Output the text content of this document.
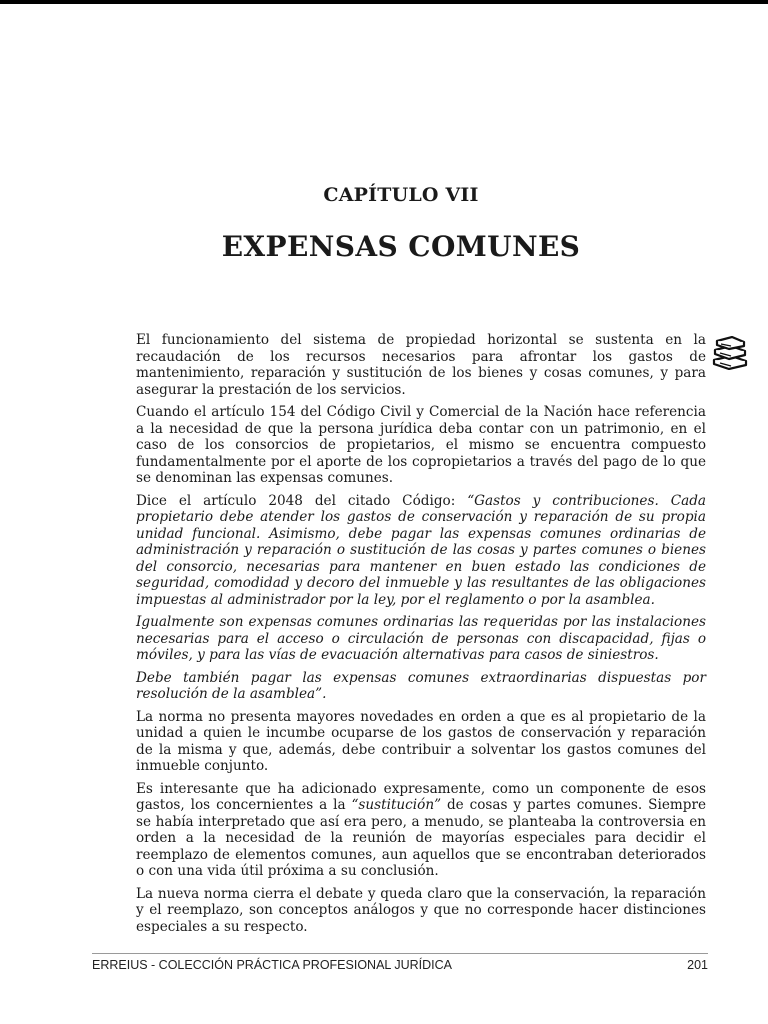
CAPÍTULO VII
EXPENSAS COMUNES

El funcionamiento del sistema de propiedad horizontal se sustenta en la recaudación de los recursos necesarios para afrontar los gastos de mantenimiento, reparación y sustitución de los bienes y cosas comunes, y para asegurar la prestación de los servicios.

Cuando el artículo 154 del Código Civil y Comercial de la Nación hace referencia a la necesidad de que la persona jurídica deba contar con un patrimonio, en el caso de los consorcios de propietarios, el mismo se encuentra compuesto fundamentalmente por el aporte de los copropietarios a través del pago de lo que se denominan las expensas comunes.

Dice el artículo 2048 del citado Código: “Gastos y contribuciones. Cada propietario debe atender los gastos de conservación y reparación de su propia unidad funcional. Asimismo, debe pagar las expensas comunes ordinarias de administración y reparación o sustitución de las cosas y partes comunes o bienes del consorcio, necesarias para mantener en buen estado las condiciones de seguridad, comodidad y decoro del inmueble y las resultantes de las obligaciones impuestas al administrador por la ley, por el reglamento o por la asamblea.

Igualmente son expensas comunes ordinarias las requeridas por las instalaciones necesarias para el acceso o circulación de personas con discapacidad, fijas o móviles, y para las vías de evacuación alternativas para casos de siniestros.

Debe también pagar las expensas comunes extraordinarias dispuestas por resolución de la asamblea”.

La norma no presenta mayores novedades en orden a que es al propietario de la unidad a quien le incumbe ocuparse de los gastos de conservación y reparación de la misma y que, además, debe contribuir a solventar los gastos comunes del inmueble conjunto.

Es interesante que ha adicionado expresamente, como un componente de esos gastos, los concernientes a la “sustitución” de cosas y partes comunes. Siempre se había interpretado que así era pero, a menudo, se planteaba la controversia en orden a la necesidad de la reunión de mayorías especiales para decidir el reemplazo de elementos comunes, aun aquellos que se encontraban deteriorados o con una vida útil próxima a su conclusión.

La nueva norma cierra el debate y queda claro que la conservación, la reparación y el reemplazo, son conceptos análogos y que no corresponde hacer distinciones especiales a su respecto.

ERREIUS - COLECCIÓN PRÁCTICA PROFESIONAL JURÍDICA	201
